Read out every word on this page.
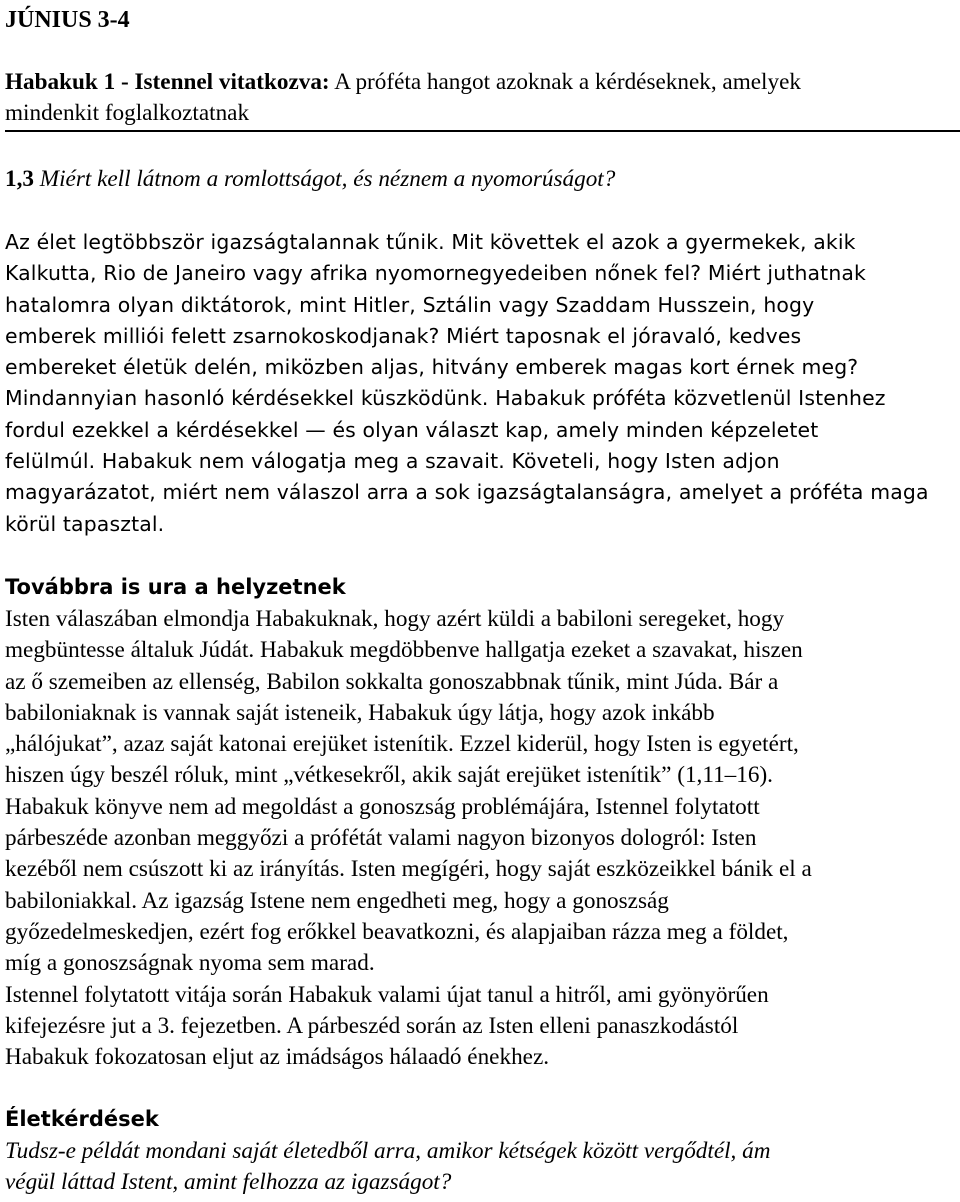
JÚNIUS 3-4
Habakuk 1 - Istennel vitatkozva: A próféta hangot azoknak a kérdéseknek, amelyek
mindenkit foglalkoztatnak

1,3 Miért kell látnom a romlottságot, és néznem a nyomorúságot?

Az élet legtöbbször igazságtalannak tűnik. Mit követtek el azok a gyermekek, akik
Kalkutta, Rio de Janeiro vagy afrika nyomornegyedeiben nőnek fel? Miért juthatnak
hatalomra olyan diktátorok, mint Hitler, Sztálin vagy Szaddam Husszein, hogy
emberek milliói felett zsarnokoskodjanak? Miért taposnak el jóravaló, kedves
embereket életük delén, miközben aljas, hitvány emberek magas kort érnek meg?
Mindannyian hasonló kérdésekkel küszködünk. Habakuk próféta közvetlenül Istenhez
fordul ezekkel a kérdésekkel — és olyan választ kap, amely minden képzeletet
felülmúl. Habakuk nem válogatja meg a szavait. Követeli, hogy Isten adjon
magyarázatot, miért nem válaszol arra a sok igazságtalanságra, amelyet a próféta maga
körül tapasztal.
Továbbra is ura a helyzetnek
Isten válaszában elmondja Habakuknak, hogy azért küldi a babiloni seregeket, hogy
megbüntesse általuk Júdát. Habakuk megdöbbenve hallgatja ezeket a szavakat, hiszen
az ő szemeiben az ellenség, Babilon sokkalta gonoszabbnak tűnik, mint Júda. Bár a
babiloniaknak is vannak saját isteneik, Habakuk úgy látja, hogy azok inkább
„hálójukat”, azaz saját katonai erejüket istenítik. Ezzel kiderül, hogy Isten is egyetért,
hiszen úgy beszél róluk, mint „vétkesekről, akik saját erejüket istenítik” (1,11–16).
Habakuk könyve nem ad megoldást a gonoszság problémájára, Istennel folytatott
párbeszéde azonban meggyőzi a prófétát valami nagyon bizonyos dologról: Isten
kezéből nem csúszott ki az irányítás. Isten megígéri, hogy saját eszközeikkel bánik el a
babiloniakkal. Az igazság Istene nem engedheti meg, hogy a gonoszság
győzedelmeskedjen, ezért fog erőkkel beavatkozni, és alapjaiban rázza meg a földet,
míg a gonoszságnak nyoma sem marad.
Istennel folytatott vitája során Habakuk valami újat tanul a hitről, ami gyönyörűen
kifejezésre jut a 3. fejezetben. A párbeszéd során az Isten elleni panaszkodástól
Habakuk fokozatosan eljut az imádságos hálaadó énekhez.
Életkérdések
Tudsz-e példát mondani saját életedből arra, amikor kétségek között vergődtél, ám
végül láttad Istent, amint felhozza az igazságot?
